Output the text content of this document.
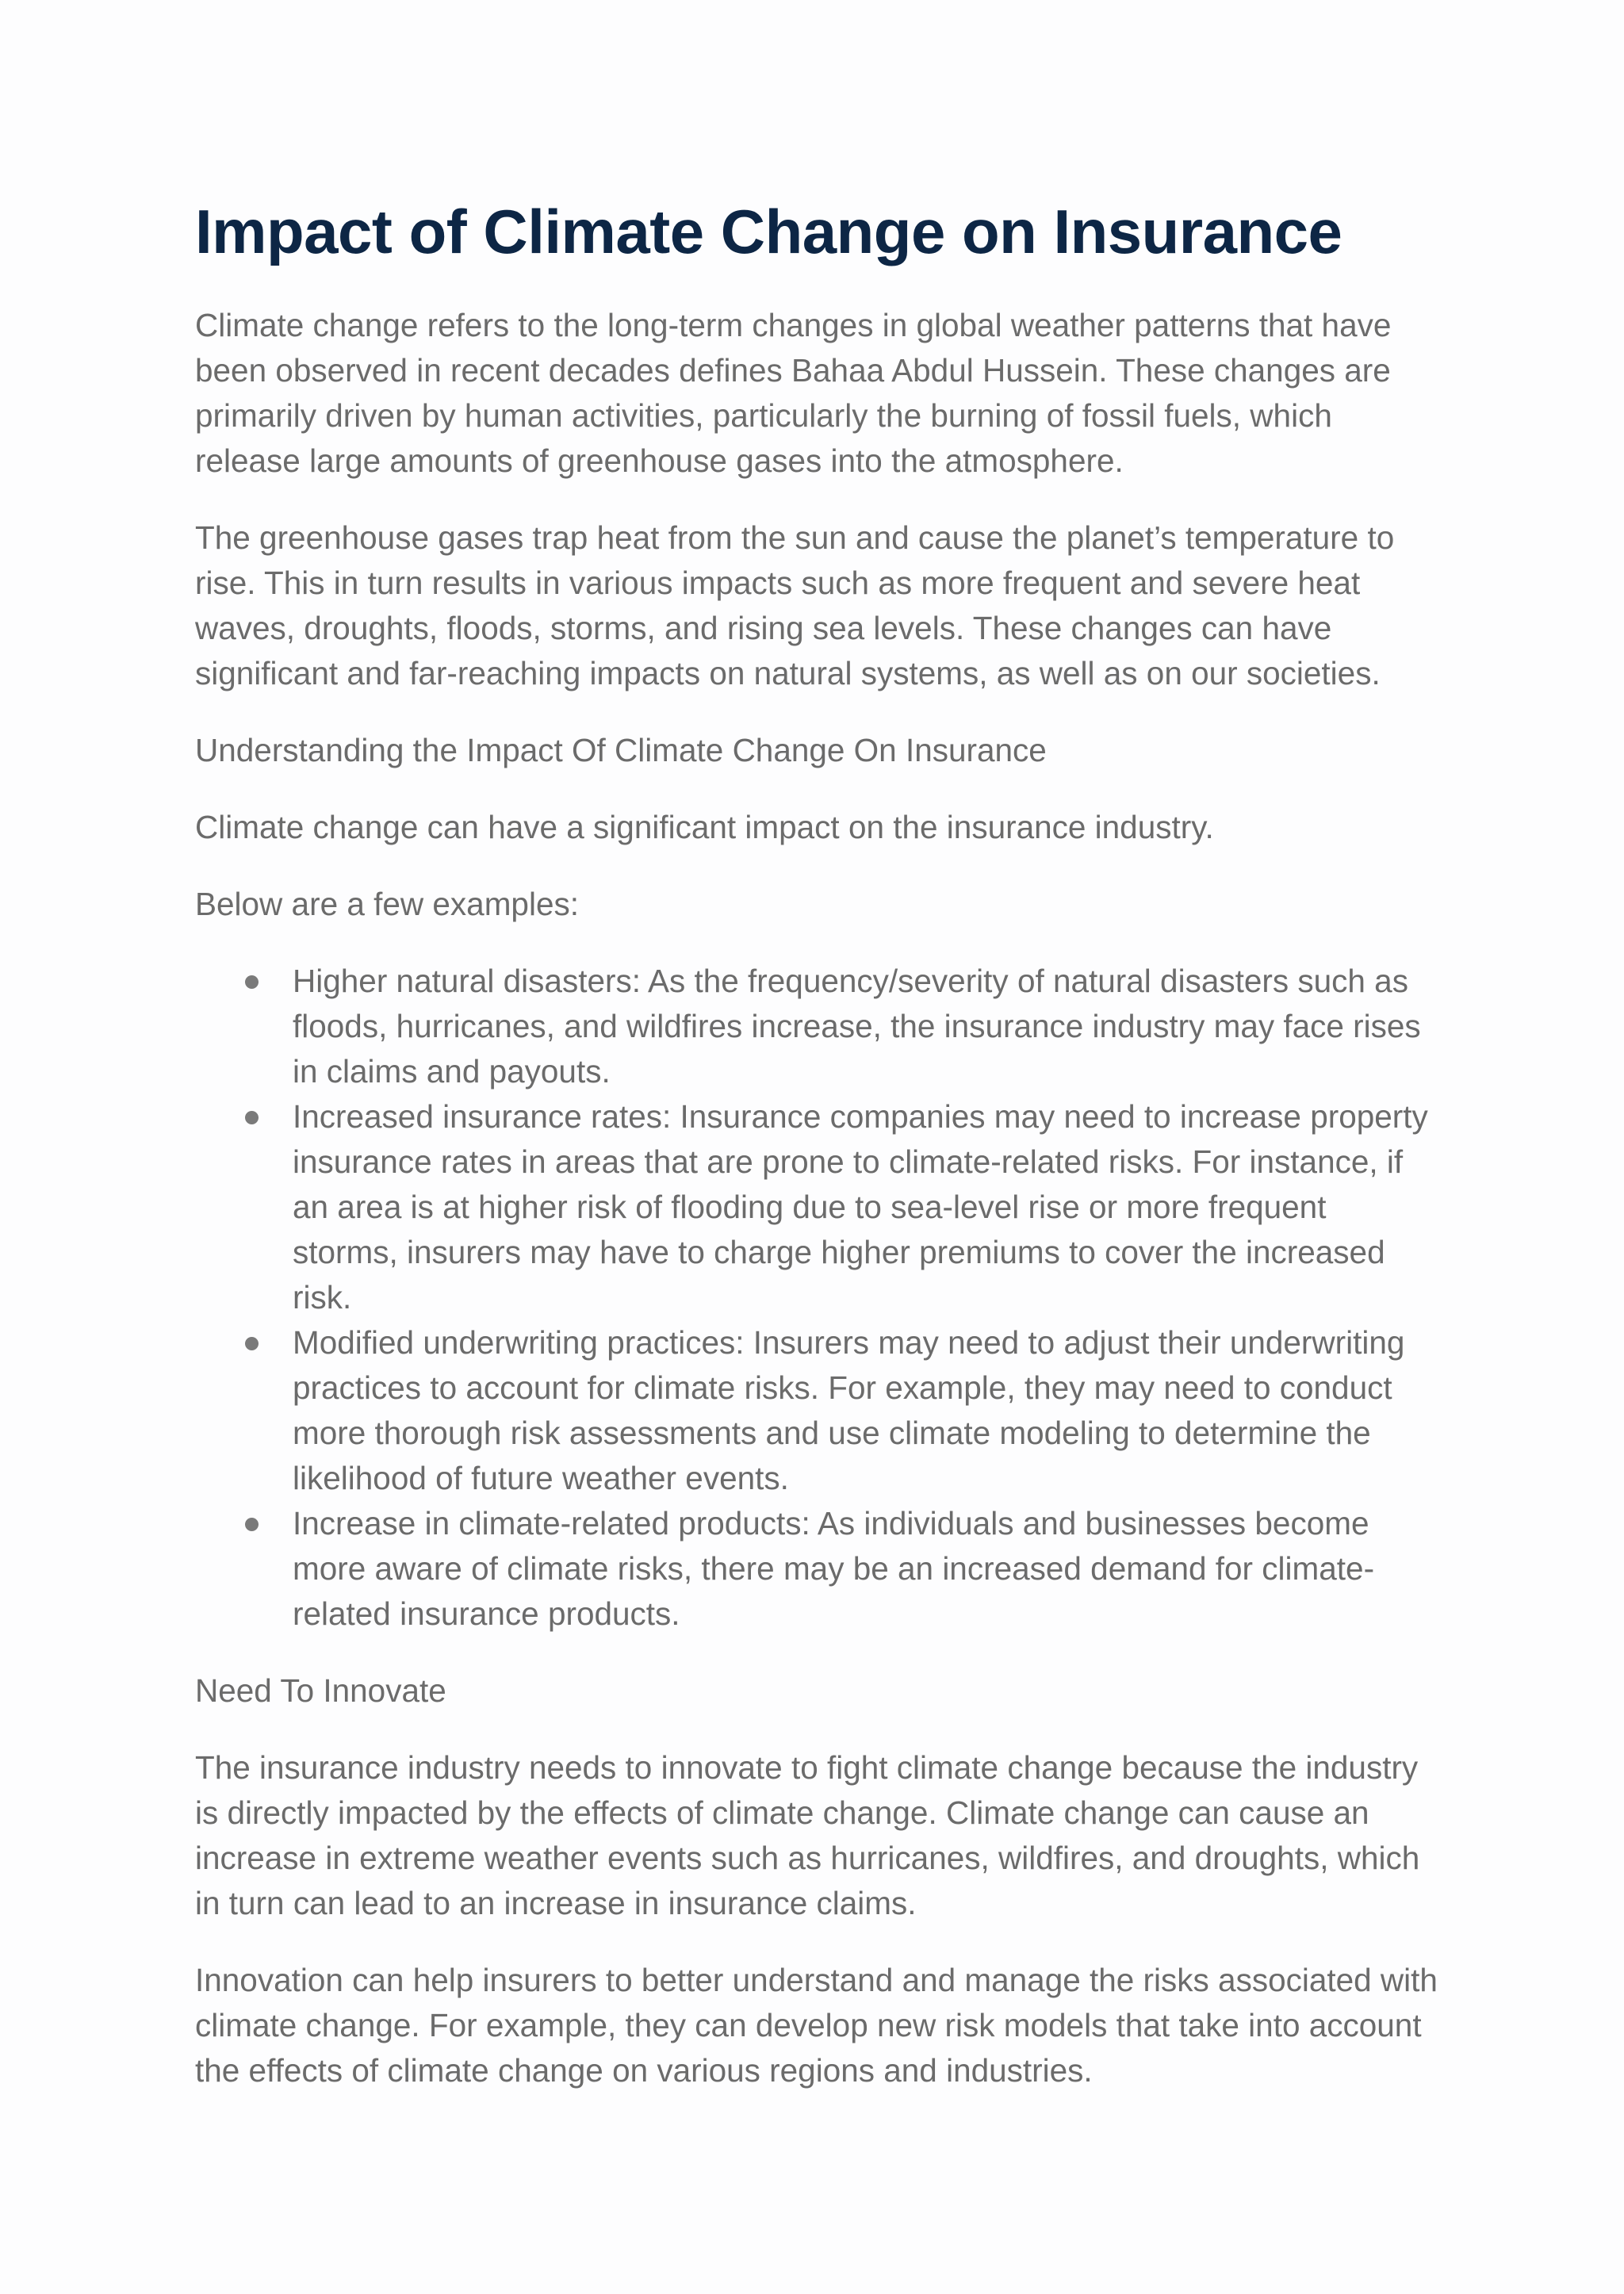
Impact of Climate Change on Insurance

Climate change refers to the long-term changes in global weather patterns that have been observed in recent decades defines Bahaa Abdul Hussein. These changes are primarily driven by human activities, particularly the burning of fossil fuels, which release large amounts of greenhouse gases into the atmosphere.

The greenhouse gases trap heat from the sun and cause the planet’s temperature to rise. This in turn results in various impacts such as more frequent and severe heat waves, droughts, floods, storms, and rising sea levels. These changes can have significant and far-reaching impacts on natural systems, as well as on our societies.

Understanding the Impact Of Climate Change On Insurance

Climate change can have a significant impact on the insurance industry.

Below are a few examples:

Higher natural disasters: As the frequency/severity of natural disasters such as floods, hurricanes, and wildfires increase, the insurance industry may face rises in claims and payouts.
Increased insurance rates: Insurance companies may need to increase property insurance rates in areas that are prone to climate-related risks. For instance, if an area is at higher risk of flooding due to sea-level rise or more frequent storms, insurers may have to charge higher premiums to cover the increased risk.
Modified underwriting practices: Insurers may need to adjust their underwriting practices to account for climate risks. For example, they may need to conduct more thorough risk assessments and use climate modeling to determine the likelihood of future weather events.
Increase in climate-related products: As individuals and businesses become more aware of climate risks, there may be an increased demand for climate-related insurance products.

Need To Innovate

The insurance industry needs to innovate to fight climate change because the industry is directly impacted by the effects of climate change. Climate change can cause an increase in extreme weather events such as hurricanes, wildfires, and droughts, which in turn can lead to an increase in insurance claims.

Innovation can help insurers to better understand and manage the risks associated with climate change. For example, they can develop new risk models that take into account the effects of climate change on various regions and industries.
